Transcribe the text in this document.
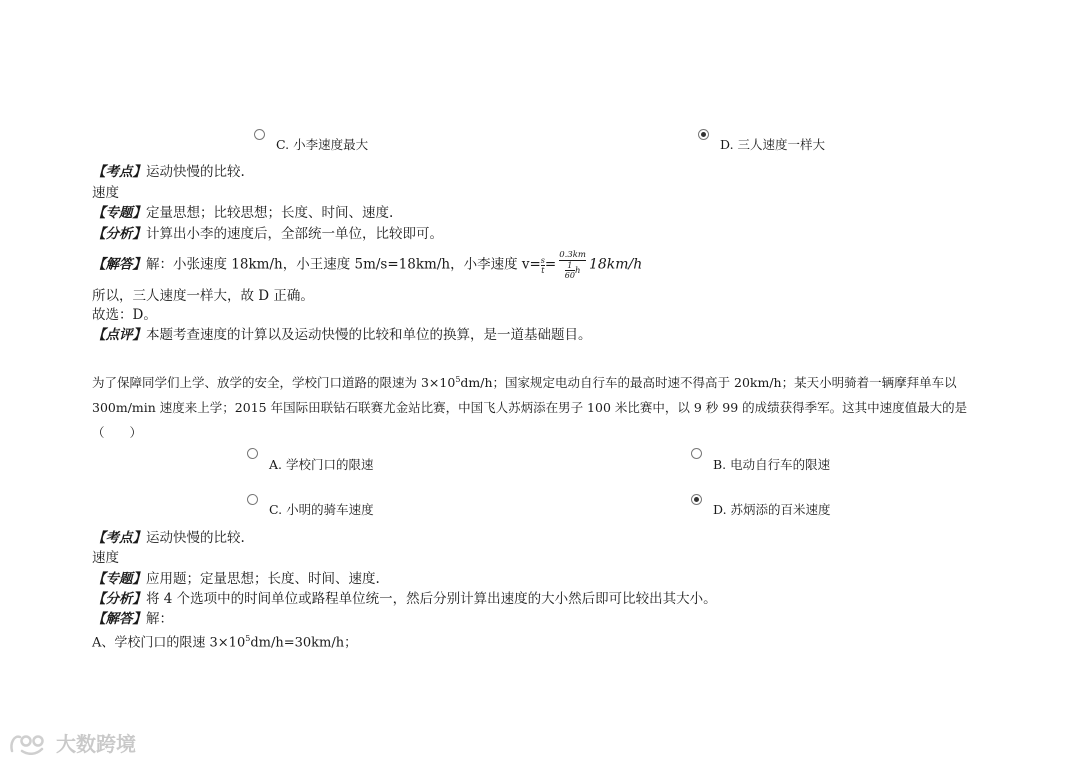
C. 小李速度最大	D. 三人速度一样大
【考点】运动快慢的比较.
速度
【专题】定量思想；比较思想；长度、时间、速度.
【分析】计算出小李的速度后，全部统一单位，比较即可。
【解答】解：小张速度 18km/h，小王速度 5m/s=18km/h，小李速度 $v= \frac{s}{t} = \frac{0.3km}{\frac{1}{60} h} 18km/h$
所以，三人速度一样大，故 D 正确。
故选：D。
【点评】本题考查速度的计算以及运动快慢的比较和单位的换算，是一道基础题目。
为了保障同学们上学、放学的安全，学校门口道路的限速为 $3\times 10^5dm/h$；国家规定电动自行车的最高时速不得高于 20km/h；某天小明骑着一辆摩拜单车以 300m/min 速度来上学；2015 年国际田联钻石联赛尤金站比赛，中国飞人苏炳添在男子 100 米比赛中，以 9 秒 99 的成绩获得季军。这其中速度值最大的是（　　）
A. 学校门口的限速	B. 电动自行车的限速
C. 小明的骑车速度	D. 苏炳添的百米速度
【考点】运动快慢的比较.
速度
【专题】应用题；定量思想；长度、时间、速度.
【分析】将 4 个选项中的时间单位或路程单位统一，然后分别计算出速度的大小然后即可比较出其大小。
【解答】解：
A、学校门口的限速 $3\times 10^5dm/h=30km/h$；
大数跨境
